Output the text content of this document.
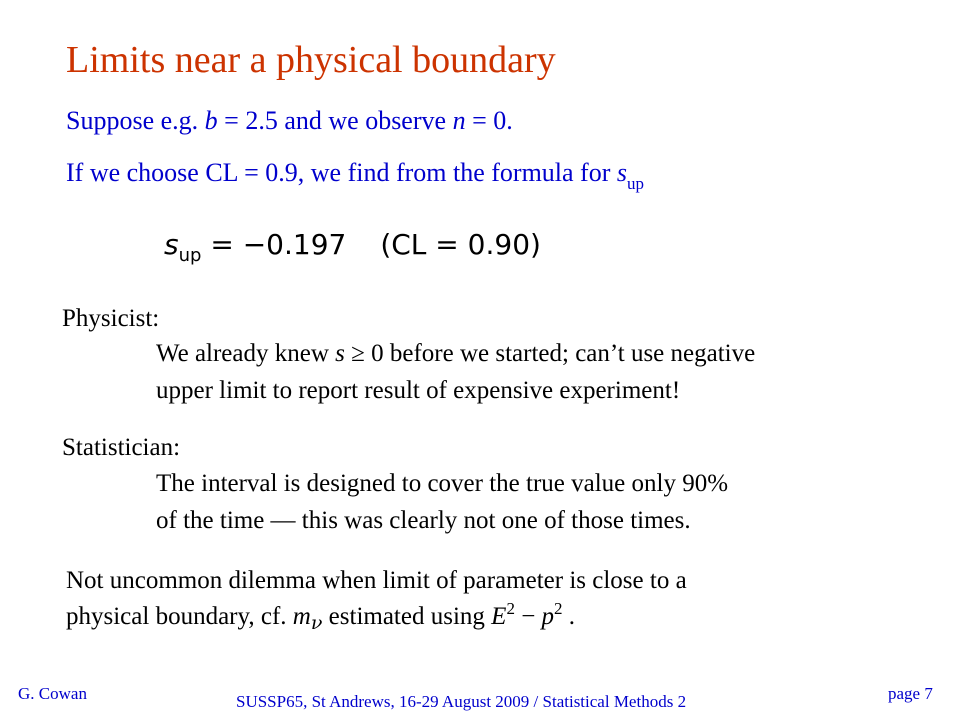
Limits near a physical boundary
Suppose e.g. b = 2.5 and we observe n = 0.
If we choose CL = 0.9, we find from the formula for $s_{up}$
$s_{up} = -0.197$ (CL = 0.90)
Physicist:
We already knew s ≥ 0 before we started; can’t use negative
upper limit to report result of expensive experiment!
Statistician:
The interval is designed to cover the true value only 90%
of the time — this was clearly not one of those times.
Not uncommon dilemma when limit of parameter is close to a
physical boundary, cf. $m_\nu$ estimated using $E^2 - p^2$ .
G. Cowan	SUSSP65, St Andrews, 16-29 August 2009 / Statistical Methods 2	page 7
